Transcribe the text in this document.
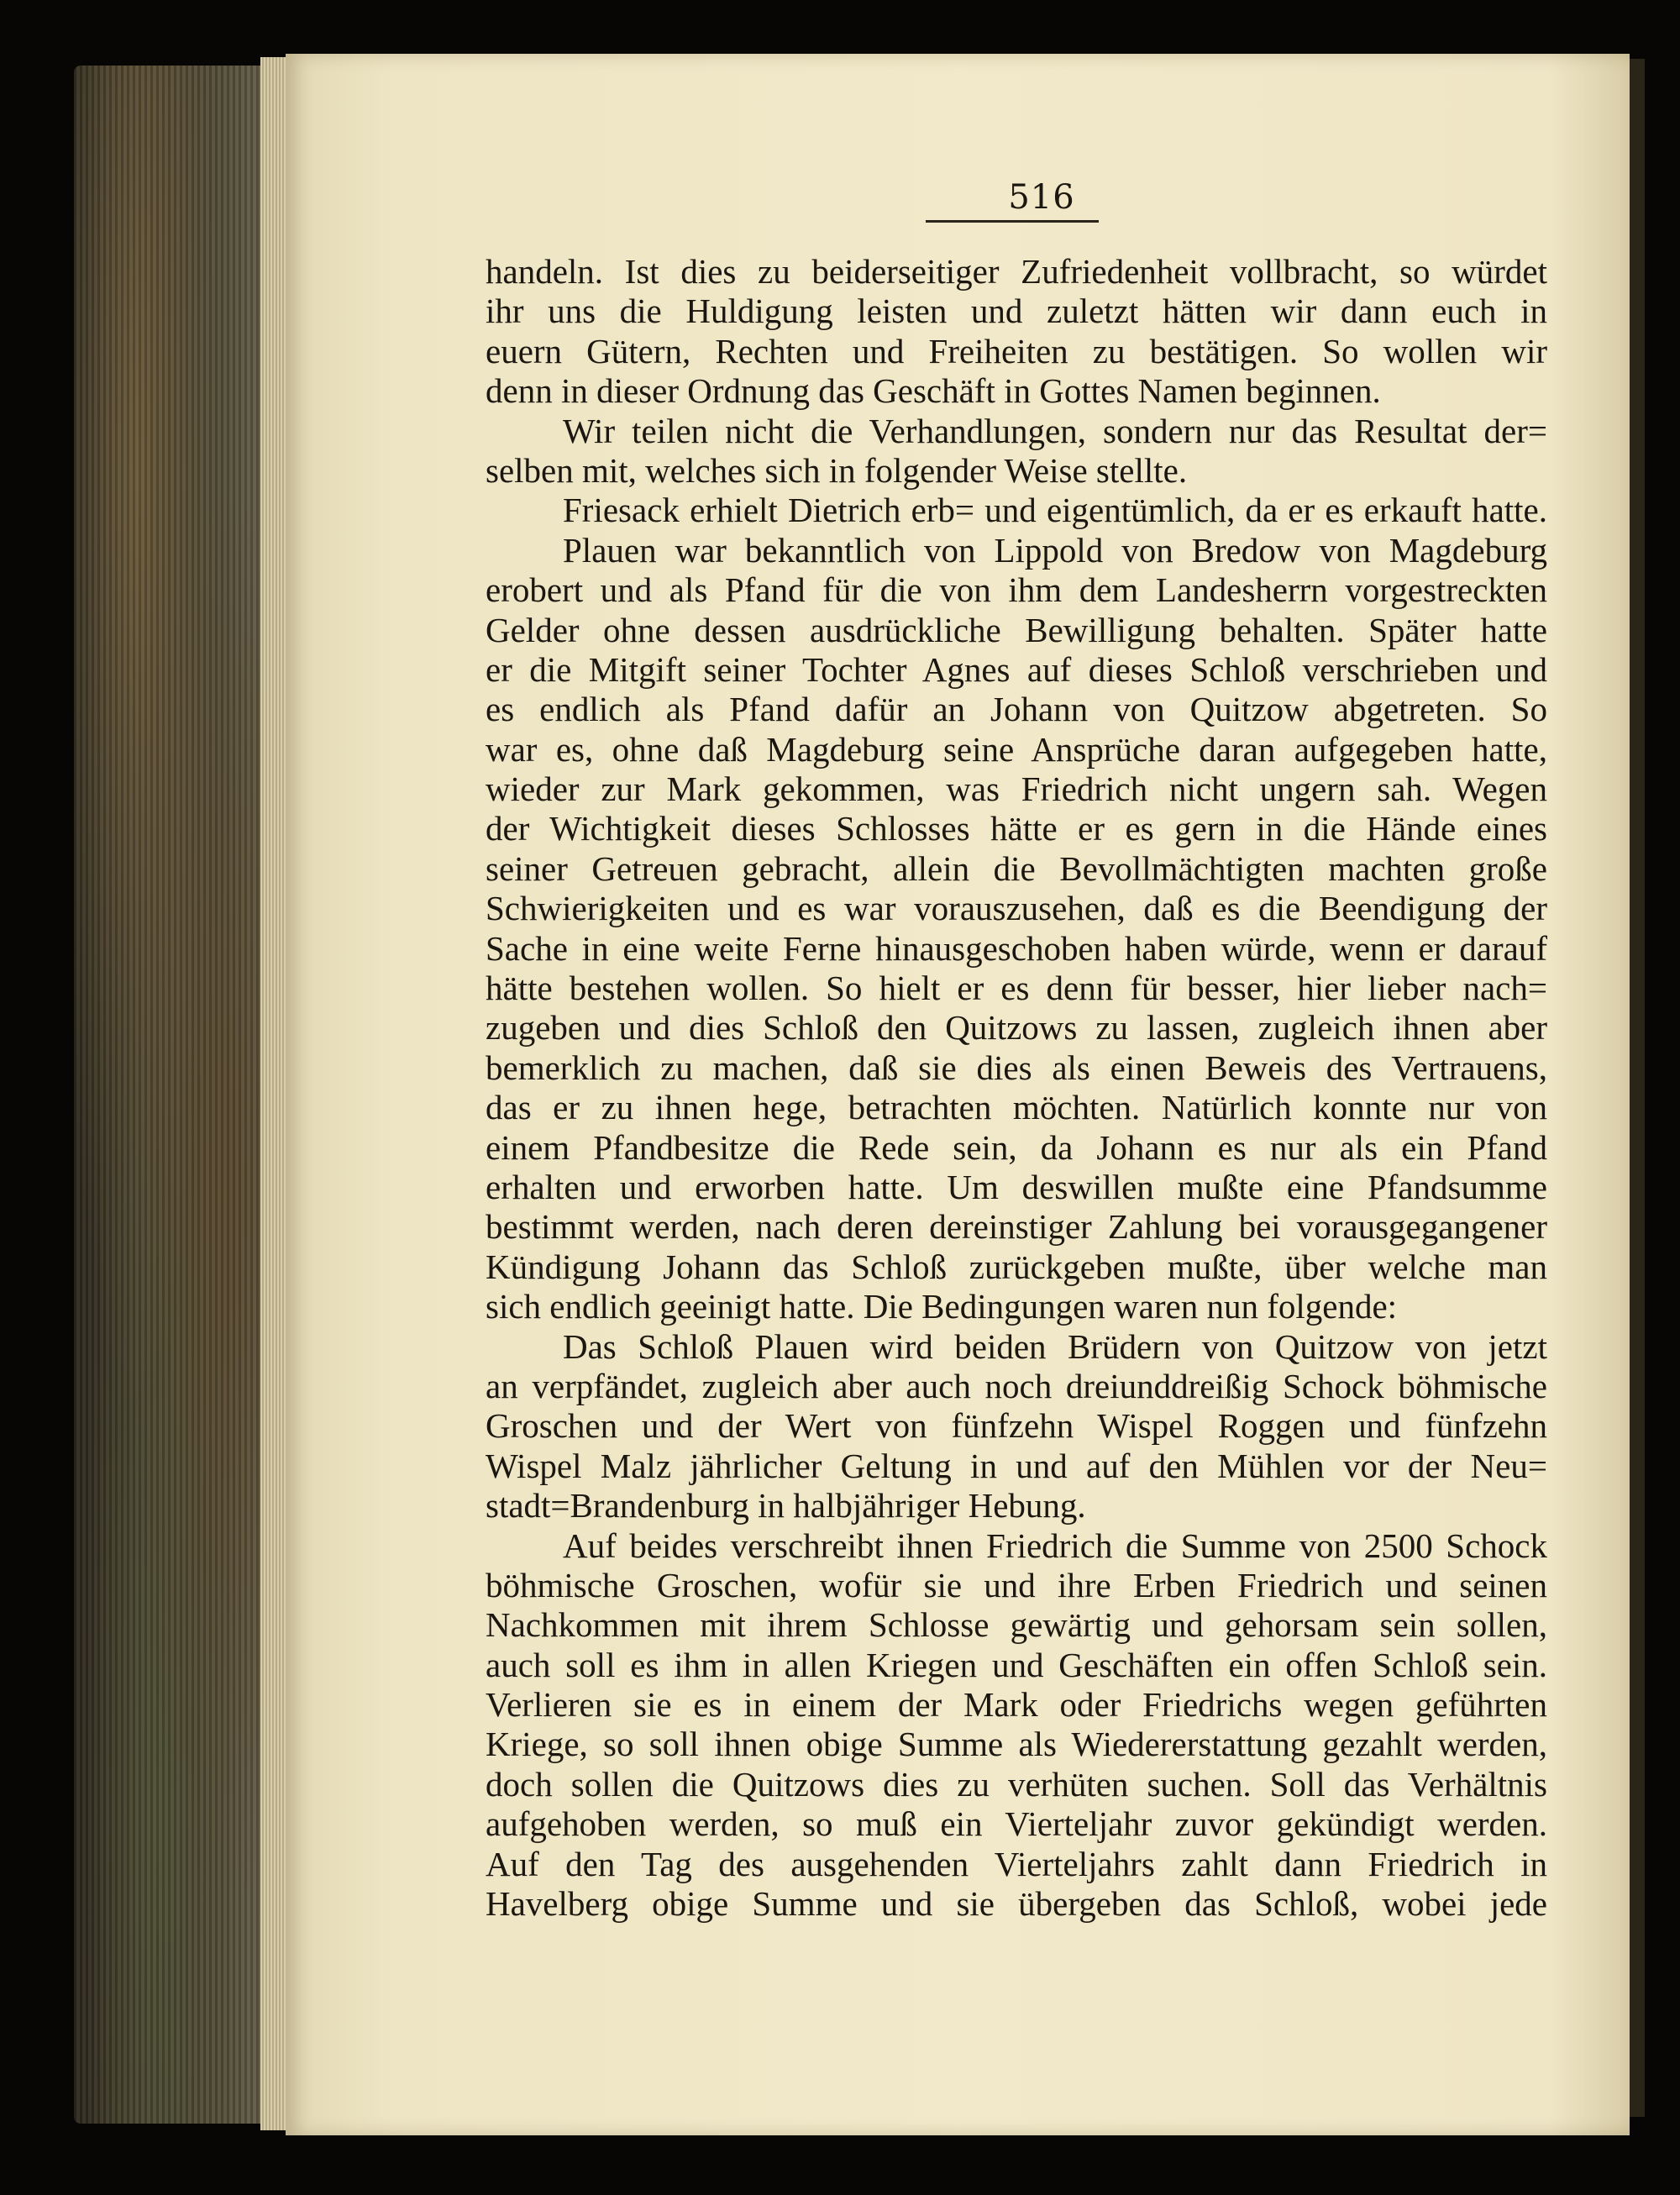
516
handeln. Ist dies zu beiderseitiger Zufriedenheit vollbracht, so würdet
ihr uns die Huldigung leisten und zuletzt hätten wir dann euch in
euern Gütern, Rechten und Freiheiten zu bestätigen. So wollen wir
denn in dieser Ordnung das Geschäft in Gottes Namen beginnen.
Wir teilen nicht die Verhandlungen, sondern nur das Resultat der=
selben mit, welches sich in folgender Weise stellte.
Friesack erhielt Dietrich erb= und eigentümlich, da er es erkauft hatte.
Plauen war bekanntlich von Lippold von Bredow von Magdeburg
erobert und als Pfand für die von ihm dem Landesherrn vorgestreckten
Gelder ohne dessen ausdrückliche Bewilligung behalten. Später hatte
er die Mitgift seiner Tochter Agnes auf dieses Schloß verschrieben und
es endlich als Pfand dafür an Johann von Quitzow abgetreten. So
war es, ohne daß Magdeburg seine Ansprüche daran aufgegeben hatte,
wieder zur Mark gekommen, was Friedrich nicht ungern sah. Wegen
der Wichtigkeit dieses Schlosses hätte er es gern in die Hände eines
seiner Getreuen gebracht, allein die Bevollmächtigten machten große
Schwierigkeiten und es war vorauszusehen, daß es die Beendigung der
Sache in eine weite Ferne hinausgeschoben haben würde, wenn er darauf
hätte bestehen wollen. So hielt er es denn für besser, hier lieber nach=
zugeben und dies Schloß den Quitzows zu lassen, zugleich ihnen aber
bemerklich zu machen, daß sie dies als einen Beweis des Vertrauens,
das er zu ihnen hege, betrachten möchten. Natürlich konnte nur von
einem Pfandbesitze die Rede sein, da Johann es nur als ein Pfand
erhalten und erworben hatte. Um deswillen mußte eine Pfandsumme
bestimmt werden, nach deren dereinstiger Zahlung bei vorausgegangener
Kündigung Johann das Schloß zurückgeben mußte, über welche man
sich endlich geeinigt hatte. Die Bedingungen waren nun folgende:
Das Schloß Plauen wird beiden Brüdern von Quitzow von jetzt
an verpfändet, zugleich aber auch noch dreiunddreißig Schock böhmische
Groschen und der Wert von fünfzehn Wispel Roggen und fünfzehn
Wispel Malz jährlicher Geltung in und auf den Mühlen vor der Neu=
stadt=Brandenburg in halbjähriger Hebung.
Auf beides verschreibt ihnen Friedrich die Summe von 2500 Schock
böhmische Groschen, wofür sie und ihre Erben Friedrich und seinen
Nachkommen mit ihrem Schlosse gewärtig und gehorsam sein sollen,
auch soll es ihm in allen Kriegen und Geschäften ein offen Schloß sein.
Verlieren sie es in einem der Mark oder Friedrichs wegen geführten
Kriege, so soll ihnen obige Summe als Wiedererstattung gezahlt werden,
doch sollen die Quitzows dies zu verhüten suchen. Soll das Verhältnis
aufgehoben werden, so muß ein Vierteljahr zuvor gekündigt werden.
Auf den Tag des ausgehenden Vierteljahrs zahlt dann Friedrich in
Havelberg obige Summe und sie übergeben das Schloß, wobei jede
